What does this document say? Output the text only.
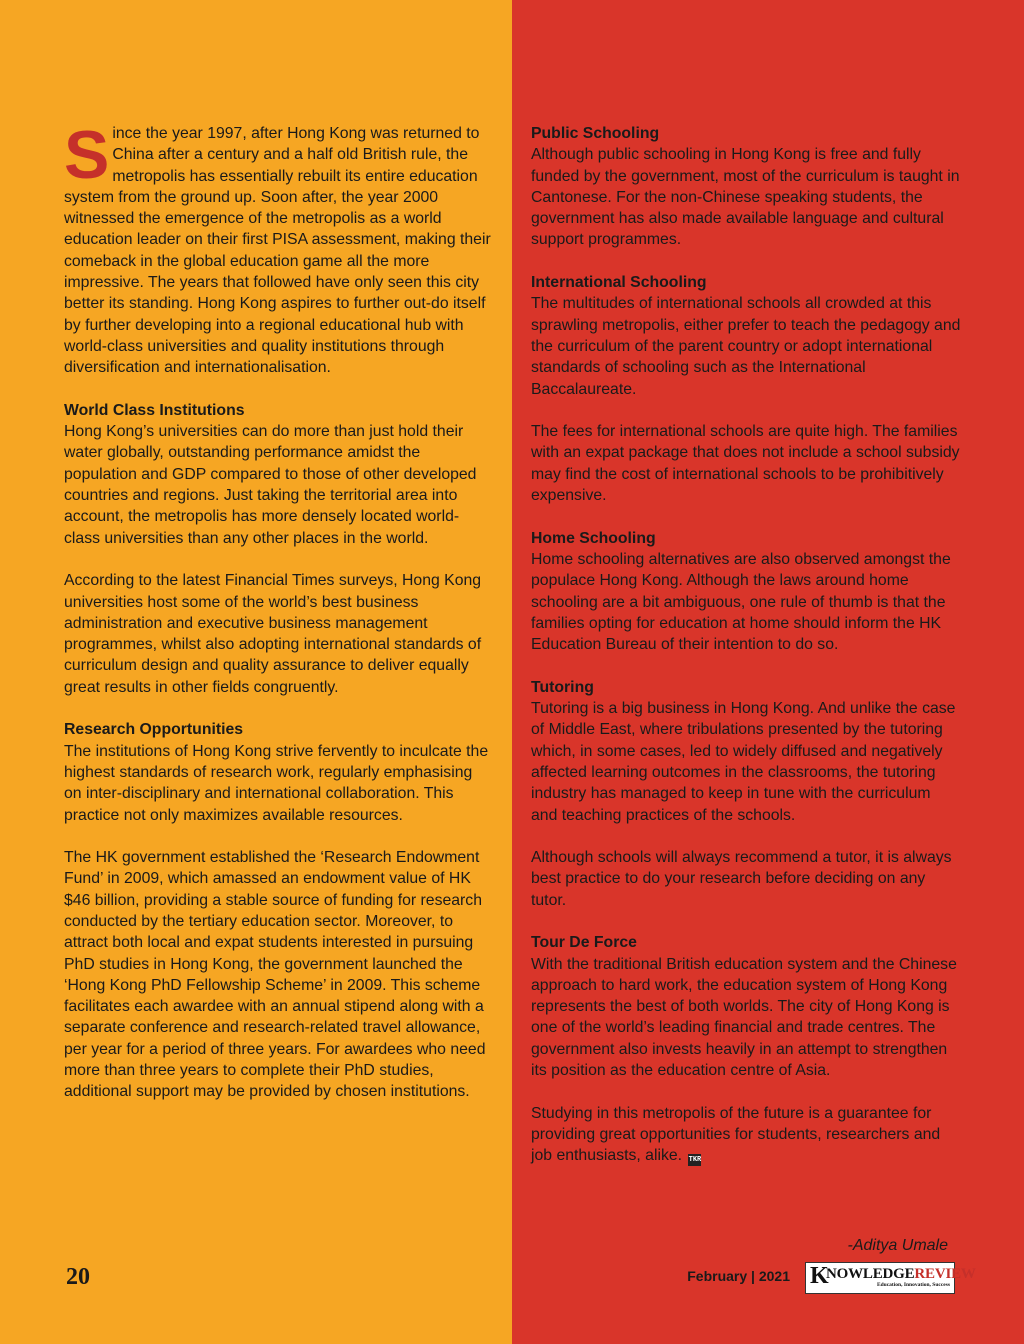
Since the year 1997, after Hong Kong was returned to China after a century and a half old British rule, the metropolis has essentially rebuilt its entire education system from the ground up. Soon after, the year 2000 witnessed the emergence of the metropolis as a world education leader on their first PISA assessment, making their comeback in the global education game all the more impressive. The years that followed have only seen this city better its standing. Hong Kong aspires to further out-do itself by further developing into a regional educational hub with world-class universities and quality institutions through diversification and internationalisation.

World Class Institutions

Hong Kong’s universities can do more than just hold their water globally, outstanding performance amidst the population and GDP compared to those of other developed countries and regions. Just taking the territorial area into account, the metropolis has more densely located world-class universities than any other places in the world.

According to the latest Financial Times surveys, Hong Kong universities host some of the world’s best business administration and executive business management programmes, whilst also adopting international standards of curriculum design and quality assurance to deliver equally great results in other fields congruently.

Research Opportunities

The institutions of Hong Kong strive fervently to inculcate the highest standards of research work, regularly emphasising on inter-disciplinary and international collaboration. This practice not only maximizes available resources.

The HK government established the ‘Research Endowment Fund’ in 2009, which amassed an endowment value of HK $46 billion, providing a stable source of funding for research conducted by the tertiary education sector. Moreover, to attract both local and expat students interested in pursuing PhD studies in Hong Kong, the government launched the ‘Hong Kong PhD Fellowship Scheme’ in 2009. This scheme facilitates each awardee with an annual stipend along with a separate conference and research-related travel allowance, per year for a period of three years. For awardees who need more than three years to complete their PhD studies, additional support may be provided by chosen institutions.

Public Schooling

Although public schooling in Hong Kong is free and fully funded by the government, most of the curriculum is taught in Cantonese. For the non-Chinese speaking students, the government has also made available language and cultural support programmes.

International Schooling

The multitudes of international schools all crowded at this sprawling metropolis, either prefer to teach the pedagogy and the curriculum of the parent country or adopt international standards of schooling such as the International Baccalaureate.

The fees for international schools are quite high. The families with an expat package that does not include a school subsidy may find the cost of international schools to be prohibitively expensive.

Home Schooling

Home schooling alternatives are also observed amongst the populace Hong Kong. Although the laws around home schooling are a bit ambiguous, one rule of thumb is that the families opting for education at home should inform the HK Education Bureau of their intention to do so.

Tutoring

Tutoring is a big business in Hong Kong. And unlike the case of Middle East, where tribulations presented by the tutoring which, in some cases, led to widely diffused and negatively affected learning outcomes in the classrooms, the tutoring industry has managed to keep in tune with the curriculum and teaching practices of the schools.

Although schools will always recommend a tutor, it is always best practice to do your research before deciding on any tutor.

Tour De Force

With the traditional British education system and the Chinese approach to hard work, the education system of Hong Kong represents the best of both worlds. The city of Hong Kong is one of the world’s leading financial and trade centres. The government also invests heavily in an attempt to strengthen its position as the education centre of Asia.

Studying in this metropolis of the future is a guarantee for providing great opportunities for students, researchers and job enthusiasts, alike. TKR

-Aditya Umale
20	February | 2021 K
NOWLEDGEREVIEW
Education, Innovation, Success
